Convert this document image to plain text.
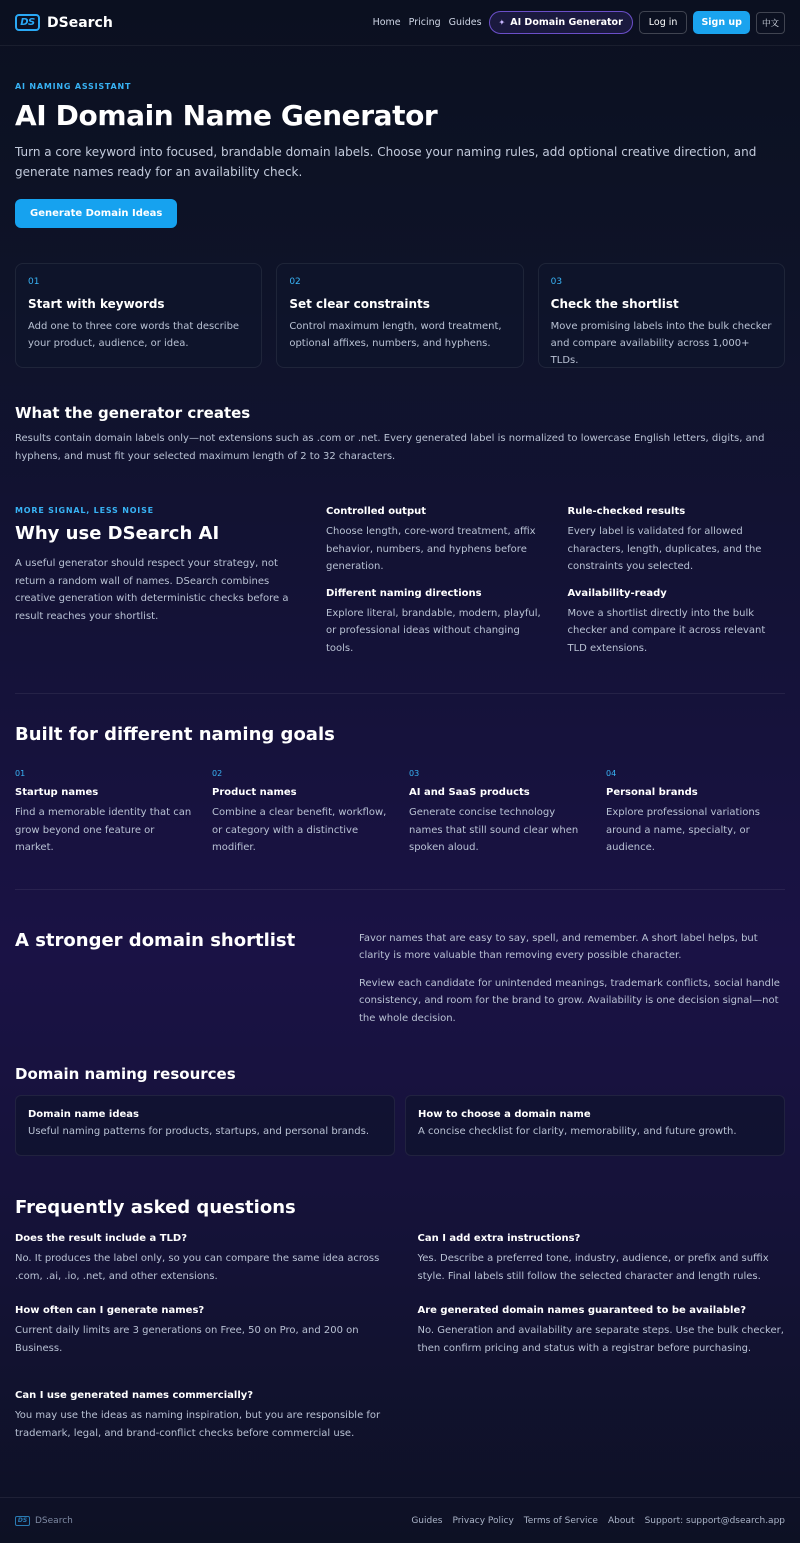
DS DSearch	Home Pricing Guides ✦ AI Domain Generator	Log in	Sign up	中文
AI NAMING ASSISTANT
AI Domain Name Generator

Turn a core keyword into focused, brandable domain labels. Choose your naming rules, add optional creative direction, and generate names ready for an availability check.

Generate Domain Ideas
01
Start with keywords
Add one to three core words that describe your product, audience, or idea.
02
Set clear constraints
Control maximum length, word treatment, optional affixes, numbers, and hyphens.
03
Check the shortlist
Move promising labels into the bulk checker and compare availability across 1,000+ TLDs.
What the generator creates

Results contain domain labels only—not extensions such as .com or .net. Every generated label is normalized to lowercase English letters, digits, and hyphens, and must fit your selected maximum length of 2 to 32 characters.

MORE SIGNAL, LESS NOISE
Why use DSearch AI

A useful generator should respect your strategy, not return a random wall of names. DSearch combines creative generation with deterministic checks before a result reaches your shortlist.

Controlled output
Choose length, core-word treatment, affix behavior, numbers, and hyphens before generation.
Rule-checked results
Every label is validated for allowed characters, length, duplicates, and the constraints you selected.
Different naming directions
Explore literal, brandable, modern, playful, or professional ideas without changing tools.
Availability-ready
Move a shortlist directly into the bulk checker and compare it across relevant TLD extensions.
Built for different naming goals
01
Startup names
Find a memorable identity that can grow beyond one feature or market.
02
Product names
Combine a clear benefit, workflow, or category with a distinctive modifier.
03
AI and SaaS products
Generate concise technology names that still sound clear when spoken aloud.
04
Personal brands
Explore professional variations around a name, specialty, or audience.
A stronger domain shortlist	Favor names that are easy to say, spell, and remember. A short label helps, but clarity is more valuable than removing every possible character.

Review each candidate for unintended meanings, trademark conflicts, social handle consistency, and room for the brand to grow. Availability is one decision signal—not the whole decision.

Domain naming resources
Domain name ideas
Useful naming patterns for products, startups, and personal brands.
How to choose a domain name
A concise checklist for clarity, memorability, and future growth.
Frequently asked questions
Does the result include a TLD?
No. It produces the label only, so you can compare the same idea across .com, .ai, .io, .net, and other extensions.
How often can I generate names?
Current daily limits are 3 generations on Free, 50 on Pro, and 200 on Business.
Can I use generated names commercially?
You may use the ideas as naming inspiration, but you are responsible for trademark, legal, and brand-conflict checks before commercial use.
Can I add extra instructions?
Yes. Describe a preferred tone, industry, audience, or prefix and suffix style. Final labels still follow the selected character and length rules.
Are generated domain names guaranteed to be available?
No. Generation and availability are separate steps. Use the bulk checker, then confirm pricing and status with a registrar before purchasing.
DS DSearch	Guides Privacy Policy Terms of Service About Support: support@dsearch.app
